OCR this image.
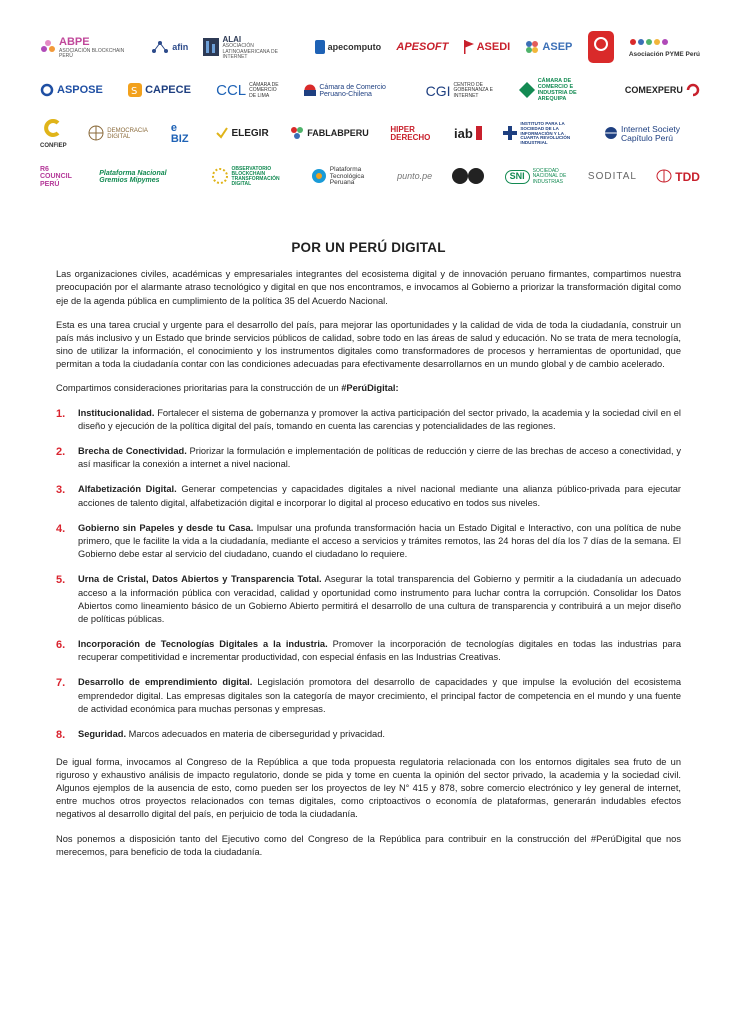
ABPE
ASOCIACIÓN BLOCKCHAIN PERÚ
afin
ALAI
ASOCIACIÓN LATINOAMERICANA DE INTERNET
apecomputo APESOFT	ASEDI	ASEP
Asociación PYME Perú
ASPOSE	S CAPECE CCL CÁMARA DE COMERCIO DE LIMA
Cámara de Comercio Peruano-Chilena	CGI CENTRO DE GOBERNANZA E INTERNET
CÁMARA DE COMERCIO E INDUSTRIA DE AREQUIPA
COMEXPERU
CONFIEP
DEMOCRACIA DIGITAL
e BIZ	ELEGIR	FABLABPERU	HIPER DERECHO iab
INSTITUTO PARA LA SOCIEDAD DE LA INFORMACIÓN Y LA CUARTA REVOLUCIÓN INDUSTRIAL
Internet Society Capítulo Perú
R6 COUNCIL PERÚ
Plataforma Nacional Gremios Mipymes
OBSERVATORIO BLOCKCHAIN TRANSFORMACIÓN DIGITAL
Plataforma Tecnológica Peruana
punto.pe	SNI
SOCIEDAD NACIONAL DE INDUSTRIAS	SODITAL	TDD
POR UN PERÚ DIGITAL

Las organizaciones civiles, académicas y empresariales integrantes del ecosistema digital y de innovación peruano firmantes, compartimos nuestra preocupación por el alarmante atraso tecnológico y digital en que nos encontramos, e invocamos al Gobierno a priorizar la transformación digital como eje de la agenda pública en cumplimiento de la política 35 del Acuerdo Nacional.

Esta es una tarea crucial y urgente para el desarrollo del país, para mejorar las oportunidades y la calidad de vida de toda la ciudadanía, construir un país más inclusivo y un Estado que brinde servicios públicos de calidad, sobre todo en las áreas de salud y educación. No se trata de mera tecnología, sino de utilizar la información, el conocimiento y los instrumentos digitales como transformadores de procesos y herramientas de oportunidad, que permitan a toda la ciudadanía contar con las condiciones adecuadas para efectivamente desarrollarnos en un mundo global y de cambio acelerado.

Compartimos consideraciones prioritarias para la construcción de un #PerúDigital:

1.	Institucionalidad. Fortalecer el sistema de gobernanza y promover la activa participación del sector privado, la academia y la sociedad civil en el diseño y ejecución de la política digital del país, tomando en cuenta las carencias y potencialidades de las regiones.
2.	Brecha de Conectividad. Priorizar la formulación e implementación de políticas de reducción y cierre de las brechas de acceso a conectividad, y así masificar la conexión a internet a nivel nacional.
3.	Alfabetización Digital. Generar competencias y capacidades digitales a nivel nacional mediante una alianza público-privada para ejecutar acciones de talento digital, alfabetización digital e incorporar lo digital al proceso educativo en todos sus niveles.
4.	Gobierno sin Papeles y desde tu Casa. Impulsar una profunda transformación hacia un Estado Digital e Interactivo, con una política de nube primero, que le facilite la vida a la ciudadanía, mediante el acceso a servicios y trámites remotos, las 24 horas del día los 7 días de la semana. El Gobierno debe estar al servicio del ciudadano, cuando el ciudadano lo requiere.
5.	Urna de Cristal, Datos Abiertos y Transparencia Total. Asegurar la total transparencia del Gobierno y permitir a la ciudadanía un adecuado acceso a la información pública con veracidad, calidad y oportunidad como instrumento para luchar contra la corrupción. Consolidar los Datos Abiertos como lineamiento básico de un Gobierno Abierto permitirá el desarrollo de una cultura de transparencia y contribuirá a un mejor diseño de políticas públicas.
6.	Incorporación de Tecnologías Digitales a la industria. Promover la incorporación de tecnologías digitales en todas las industrias para recuperar competitividad e incrementar productividad, con especial énfasis en las Industrias Creativas.
7.	Desarrollo de emprendimiento digital. Legislación promotora del desarrollo de capacidades y que impulse la evolución del ecosistema emprendedor digital. Las empresas digitales son la categoría de mayor crecimiento, el principal factor de competencia en el mundo y una fuente de actividad económica para muchas personas y empresas.
8.	Seguridad. Marcos adecuados en materia de ciberseguridad y privacidad.

De igual forma, invocamos al Congreso de la República a que toda propuesta regulatoria relacionada con los entornos digitales sea fruto de un riguroso y exhaustivo análisis de impacto regulatorio, donde se pida y tome en cuenta la opinión del sector privado, la academia y la sociedad civil. Algunos ejemplos de la ausencia de esto, como pueden ser los proyectos de ley N° 415 y 878, sobre comercio electrónico y ley general de internet, entre muchos otros proyectos relacionados con temas digitales, como criptoactivos o economía de plataformas, generarán indudables efectos negativos al desarrollo digital del país, en perjuicio de toda la ciudadanía.

Nos ponemos a disposición tanto del Ejecutivo como del Congreso de la República para contribuir en la construcción del #PerúDigital que nos merecemos, para beneficio de toda la ciudadanía.
